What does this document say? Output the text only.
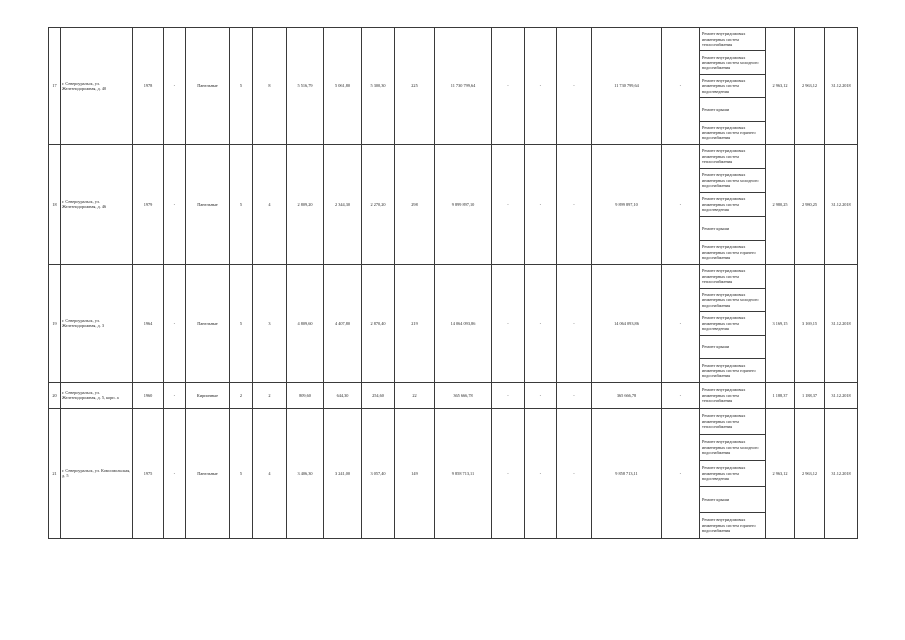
17	г. Североуральск, ул. Железнодорожная, д. 40	1978	-	Панельные	5	8	5 516,79	5 061,80	5 300,30	225	11 730 799,64	-	-	-	11 730 799,64	-	Ремонт внутридомовых инженерных систем теплоснабжения	2 963,12	2 963,12	31.12.2018
																	Ремонт внутридомовых инженерных систем холодного водоснабжения			
																	Ремонт внутридомовых инженерных систем водоотведения			
																	Ремонт крыши			
																	Ремонт внутридомовых инженерных систем горячего водоснабжения			
18	г. Североуральск, ул. Железнодорожная, д. 46	1979	-	Панельные	5	4	2 809,20	2 344,30	2 270,20	298	9 899 897,10	-	-	-	9 899 897,10	-	Ремонт внутридомовых инженерных систем теплоснабжения	2 980,25	2 980,25	31.12.2018
																	Ремонт внутридомовых инженерных систем холодного водоснабжения			
																	Ремонт внутридомовых инженерных систем водоотведения			
																	Ремонт крыши			
																	Ремонт внутридомовых инженерных систем горячего водоснабжения			
19	г. Североуральск, ул. Железнодорожная, д. 3	1964	-	Панельные	5	3	4 809,60	4 407,80	2 870,40	219	14 064 093,86	-	-	-	14 064 093,86	-	Ремонт внутридомовых инженерных систем теплоснабжения	3 169,15	3 169,15	31.12.2018
																	Ремонт внутридомовых инженерных систем холодного водоснабжения			
																	Ремонт внутридомовых инженерных систем водоотведения			
																	Ремонт крыши			
																	Ремонт внутридомовых инженерных систем горячего водоснабжения			
20	г. Североуральск, ул. Железнодорожная, д. 5, корп. а	1960	-	Кирпичные	2	2	809,60	644,30	254,60	22	365 666,78	-	-	-	365 666,78	-	Ремонт внутридомовых инженерных систем теплоснабжения	1 188,37	1 188,37	31.12.2018
21	г. Североуральск, ул. Комсомольская, д. 5	1975	-	Панельные	5	4	3 406,30	3 241,00	3 057,40	149	9 858 713,11	-	-	-	9 858 713,11	-	Ремонт внутридомовых инженерных систем теплоснабжения	2 963,12	2 963,12	31.12.2018
																	Ремонт внутридомовых инженерных систем холодного водоснабжения			
																	Ремонт внутридомовых инженерных систем водоотведения			
																	Ремонт крыши			
																	Ремонт внутридомовых инженерных систем горячего водоснабжения			
